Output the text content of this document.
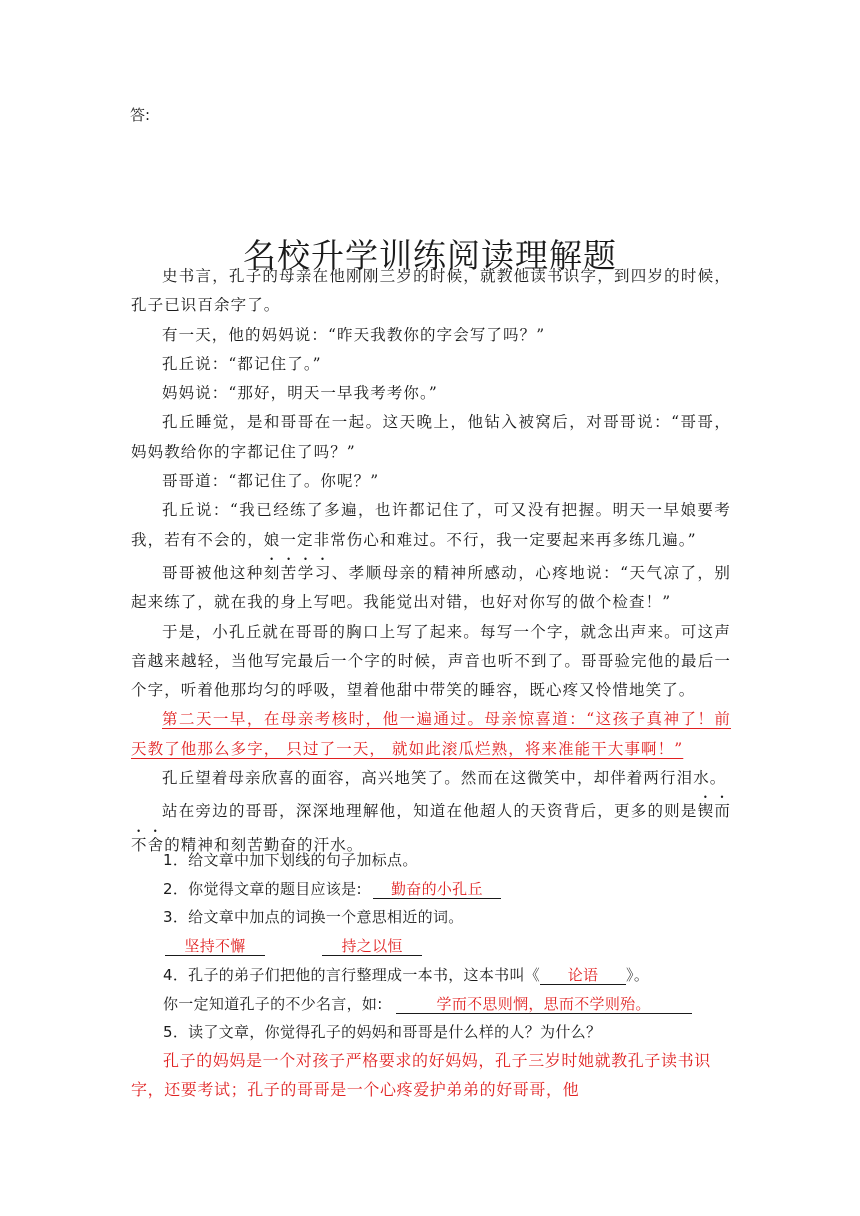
答:
名校升学训练阅读理解题

史书言，孔子的母亲在他刚刚三岁的时候，就教他读书识字，到四岁的时候，孔子已识百余字了。

有一天，他的妈妈说：“昨天我教你的字会写了吗？”

孔丘说：“都记住了。”

妈妈说：“那好，明天一早我考考你。”

孔丘睡觉，是和哥哥在一起。这天晚上，他钻入被窝后，对哥哥说：“哥哥，妈妈教给你的字都记住了吗？”

哥哥道：“都记住了。你呢？”

孔丘说：“我已经练了多遍，也许都记住了，可又没有把握。明天一早娘要考我，若有不会的，娘一定非常伤心和难过。不行，我一定要起来再多练几遍。”

哥哥被他这种刻苦学习、孝顺母亲的精神所感动，心疼地说：“天气凉了，别起来练了，就在我的身上写吧。我能觉出对错，也好对你写的做个检查！”

于是，小孔丘就在哥哥的胸口上写了起来。每写一个字，就念出声来。可这声音越来越轻，当他写完最后一个字的时候，声音也听不到了。哥哥验完他的最后一个字，听着他那均匀的呼吸，望着他甜中带笑的睡容，既心疼又怜惜地笑了。

第二天一早，在母亲考核时，他一遍通过。母亲惊喜道：“这孩子真神了！前天教了他那么多字， 只过了一天， 就如此滚瓜烂熟，将来准能干大事啊！”

孔丘望着母亲欣喜的面容，高兴地笑了。然而在这微笑中，却伴着两行泪水。

站在旁边的哥哥，深深地理解他，知道在他超人的天资背后，更多的则是锲而不舍的精神和刻苦勤奋的汗水。

1．给文章中加下划线的句子加标点。

2．你觉得文章的题目应该是: 勤奋的小孔丘

3．给文章中加点的词换一个意思相近的词。

坚持不懈	持之以恒

4．孔子的弟子们把他的言行整理成一本书，这本书叫《 论语 》。

你一定知道孔子的不少名言，如:	学而不思则惘，思而不学则殆。

5．读了文章，你觉得孔子的妈妈和哥哥是什么样的人？为什么？

孔子的妈妈是一个对孩子严格要求的好妈妈，孔子三岁时她就教孔子读书识字，还要考试；孔子的哥哥是一个心疼爱护弟弟的好哥哥，他
